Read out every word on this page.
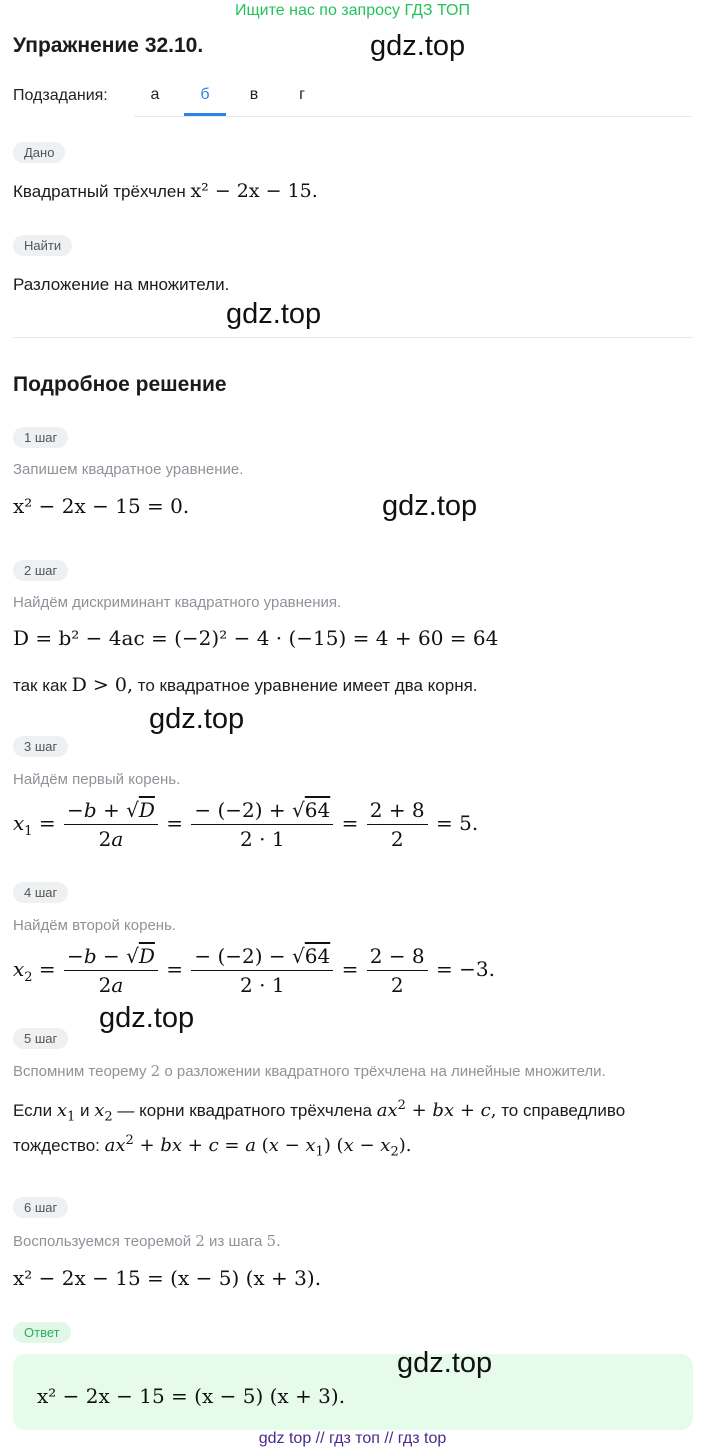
Ищите нас по запросу ГДЗ ТОП
Упражнение 32.10.	gdz.top
Подзадания:	а	б	в	г
Дано
Квадратный трёхчлен x² − 2x − 15.
Найти
Разложение на множители.
gdz.top
Подробное решение
1 шаг
Запишем квадратное уравнение.
x² − 2x − 15 = 0.	gdz.top
2 шаг
Найдём дискриминант квадратного уравнения.
D = b² − 4ac = (−2)² − 4 · (−15) = 4 + 60 = 64
так как D > 0, то квадратное уравнение имеет два корня.
gdz.top
3 шаг
Найдём первый корень.
$x_1 = \frac{-b + √D}{2a} = \frac{- (-2) + √64}{2 \cdot 1} = \frac{2 + 8}{2} = 5$.
4 шаг
Найдём второй корень.
$x_2 = \frac{-b - √D}{2a} = \frac{- (-2) - √64}{2 \cdot 1} = \frac{2 - 8}{2} = -3$.
gdz.top
5 шаг
Вспомним теорему 2 о разложении квадратного трёхчлена на линейные множители.
Если $x_1$ и $x_2$ — корни квадратного трёхчлена $ax^2$ + bx + c, то справедливо
тождество: $ax^2$ + bx + c = a $(x - x_1)$ $(x - x_2)$.
6 шаг
Воспользуемся теоремой 2 из шага 5.
x² − 2x − 15 = (x − 5) (x + 3).
Ответ
x² − 2x − 15 = (x − 5) (x + 3).
gdz.top
gdz top // гдз топ // гдз top
